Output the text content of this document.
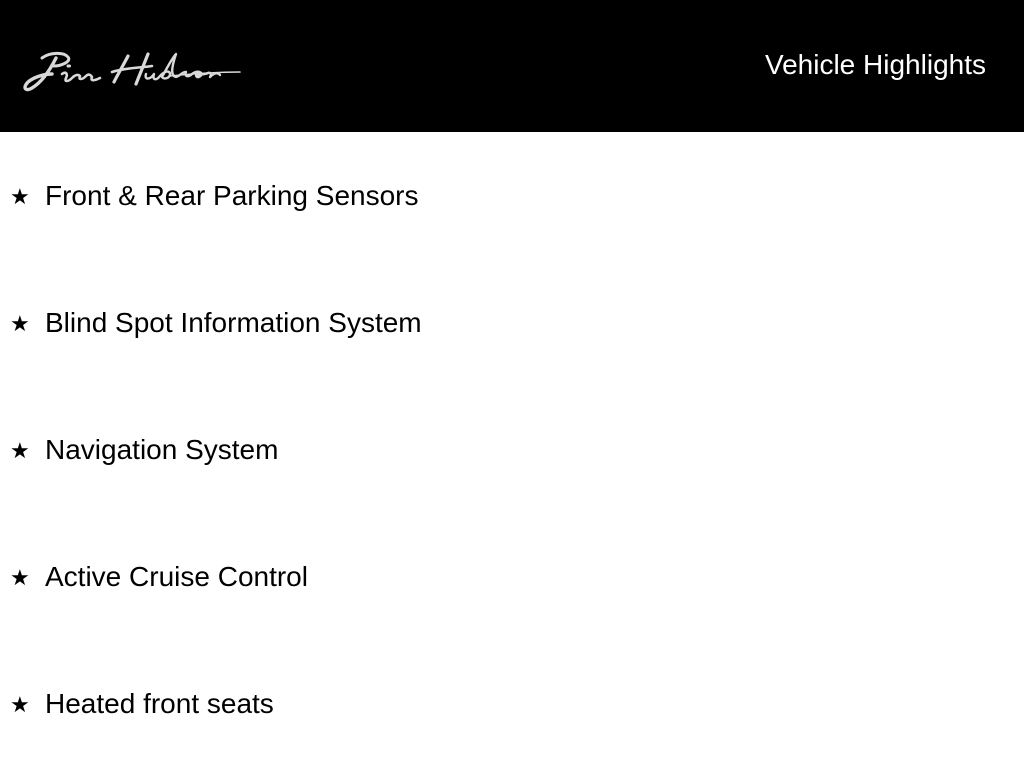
Vehicle Highlights
★ Front & Rear Parking Sensors
★ Blind Spot Information System
★ Navigation System
★ Active Cruise Control
★ Heated front seats
